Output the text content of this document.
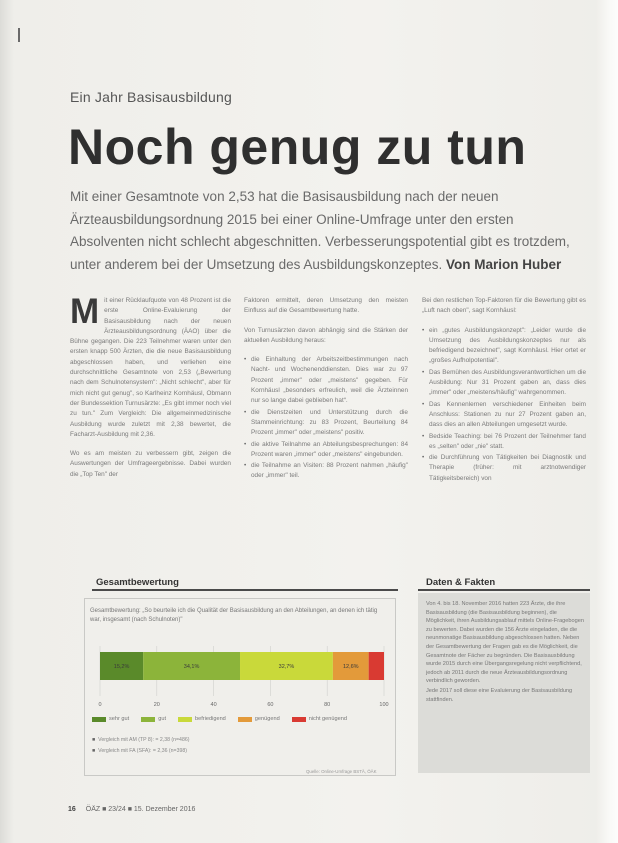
Ein Jahr Basisausbildung
Noch genug zu tun
Mit einer Gesamtnote von 2,53 hat die Basisausbildung nach der neuen Ärzteausbildungsordnung 2015 bei einer Online-Umfrage unter den ersten Absolventen nicht schlecht abgeschnitten. Verbesserungspotential gibt es trotzdem, unter anderem bei der Umsetzung des Ausbildungskonzeptes. Von Marion Huber

Mit einer Rücklaufquote von 48 Prozent ist die erste Online-Evaluierung der Basisausbildung nach der neuen Ärzteausbildungsordnung (ÄAO) über die Bühne gegangen. Die 223 Teilnehmer waren unter den ersten knapp 500 Ärzten, die die neue Basisausbildung abgeschlossen haben, und verliehen eine durchschnittliche Gesamtnote von 2,53 („Bewertung nach dem Schulnotensystem": „Nicht schlecht", aber für mich nicht gut genug", so Karlheinz Kornhäusl, Obmann der Bundessektion Turnusärzte: „Es gibt immer noch viel zu tun." Zum Vergleich: Die allgemeinmedizinische Ausbildung wurde zuletzt mit 2,38 bewertet, die Facharzt-Ausbildung mit 2,36.

Wo es am meisten zu verbessern gibt, zeigen die Auswertungen der Umfrageergebnisse. Dabei wurden die „Top Ten" der

Faktoren ermittelt, deren Umsetzung den meisten Einfluss auf die Gesamtbewertung hatte.

Von Turnusärzten davon abhängig sind die Stärken der aktuellen Ausbildung heraus:

• die Einhaltung der Arbeitszeitbestimmungen nach Nacht- und Wochenenddiensten. Dies war zu 97 Prozent „immer" oder „meistens" gegeben. Für Kornhäusl „besonders erfreulich, weil die Ärzteinnen nur so lange dabei geblieben hat“.
• die Dienstzeiten und Unterstützung durch die Stammeinrichtung: zu 83 Prozent, Beurteilung 84 Prozent „immer" oder „meistens" positiv.
• die aktive Teilnahme an Abteilungsbesprechungen: 84 Prozent waren „immer" oder „meistens" eingebunden.
• die Teilnahme an Visiten: 88 Prozent nahmen „häufig" oder „immer" teil.

Bei den restlichen Top-Faktoren für die Bewertung gibt es „Luft nach oben", sagt Kornhäusl:

• ein „gutes Ausbildungskonzept": „Leider wurde die Umsetzung des Ausbildungskonzeptes nur als befriedigend bezeichnet", sagt Kornhäusl. Hier ortet er „großes Aufholpotential".
• Das Bemühen des Ausbildungsverantwortlichen um die Ausbildung: Nur 31 Prozent gaben an, dass dies „immer" oder „meistens/häufig" wahrgenommen.
• Das Kennenlernen verschiedener Einheiten beim Anschluss: Stationen zu nur 27 Prozent gaben an, dass dies an allen Abteilungen umgesetzt wurde.
• Bedside Teaching: bei 76 Prozent der Teilnehmer fand es „selten" oder „nie" statt.
• die Durchführung von Tätigkeiten bei Diagnostik und Therapie (früher: mit arztnotwendiger Tätigkeitsbereich) von
Gesamtbewertung
Gesamtbewertung: „So beurteile ich die Qualität der Basisausbildung an den Abteilungen, an denen ich tätig war, insgesamt (nach Schulnoten)"
0	20	40	60	80	100
15,2%	34,1%	32,7%	12,6%
sehr gut	gut	befriedigend	genügend	nicht genügend
■ Vergleich mit AM (TP 8): = 2,38 (n=486)
■ Vergleich mit FA (SFA): = 2,36 (n=398)
Quelle: Online-Umfrage BSTÄ, ÖÄK
Daten & Fakten

Von 4. bis 18. November 2016 hatten 223 Ärzte, die ihre Basisausbildung (die Basisausbildung beginnen), die Möglichkeit, ihren Ausbildungsablauf mittels Online-Fragebogen zu bewerten. Dabei wurden die 156 Ärzte eingeladen, die die neunmonatige Basisausbildung abgeschlossen hatten. Neben der Gesamtbewertung der Fragen gab es die Möglichkeit, die Gesamtnote der Fächer zu begründen. Die Basisausbildung wurde 2015 durch eine Übergangsregelung nicht verpflichtend, jedoch ab 2011 durch die neue Ärzteausbildungsordnung verbindlich geworden.

Jede 2017 soll diese eine Evaluierung der Basisausbildung stattfinden.

16 ÖÄZ ■ 23/24 ■ 15. Dezember 2016
